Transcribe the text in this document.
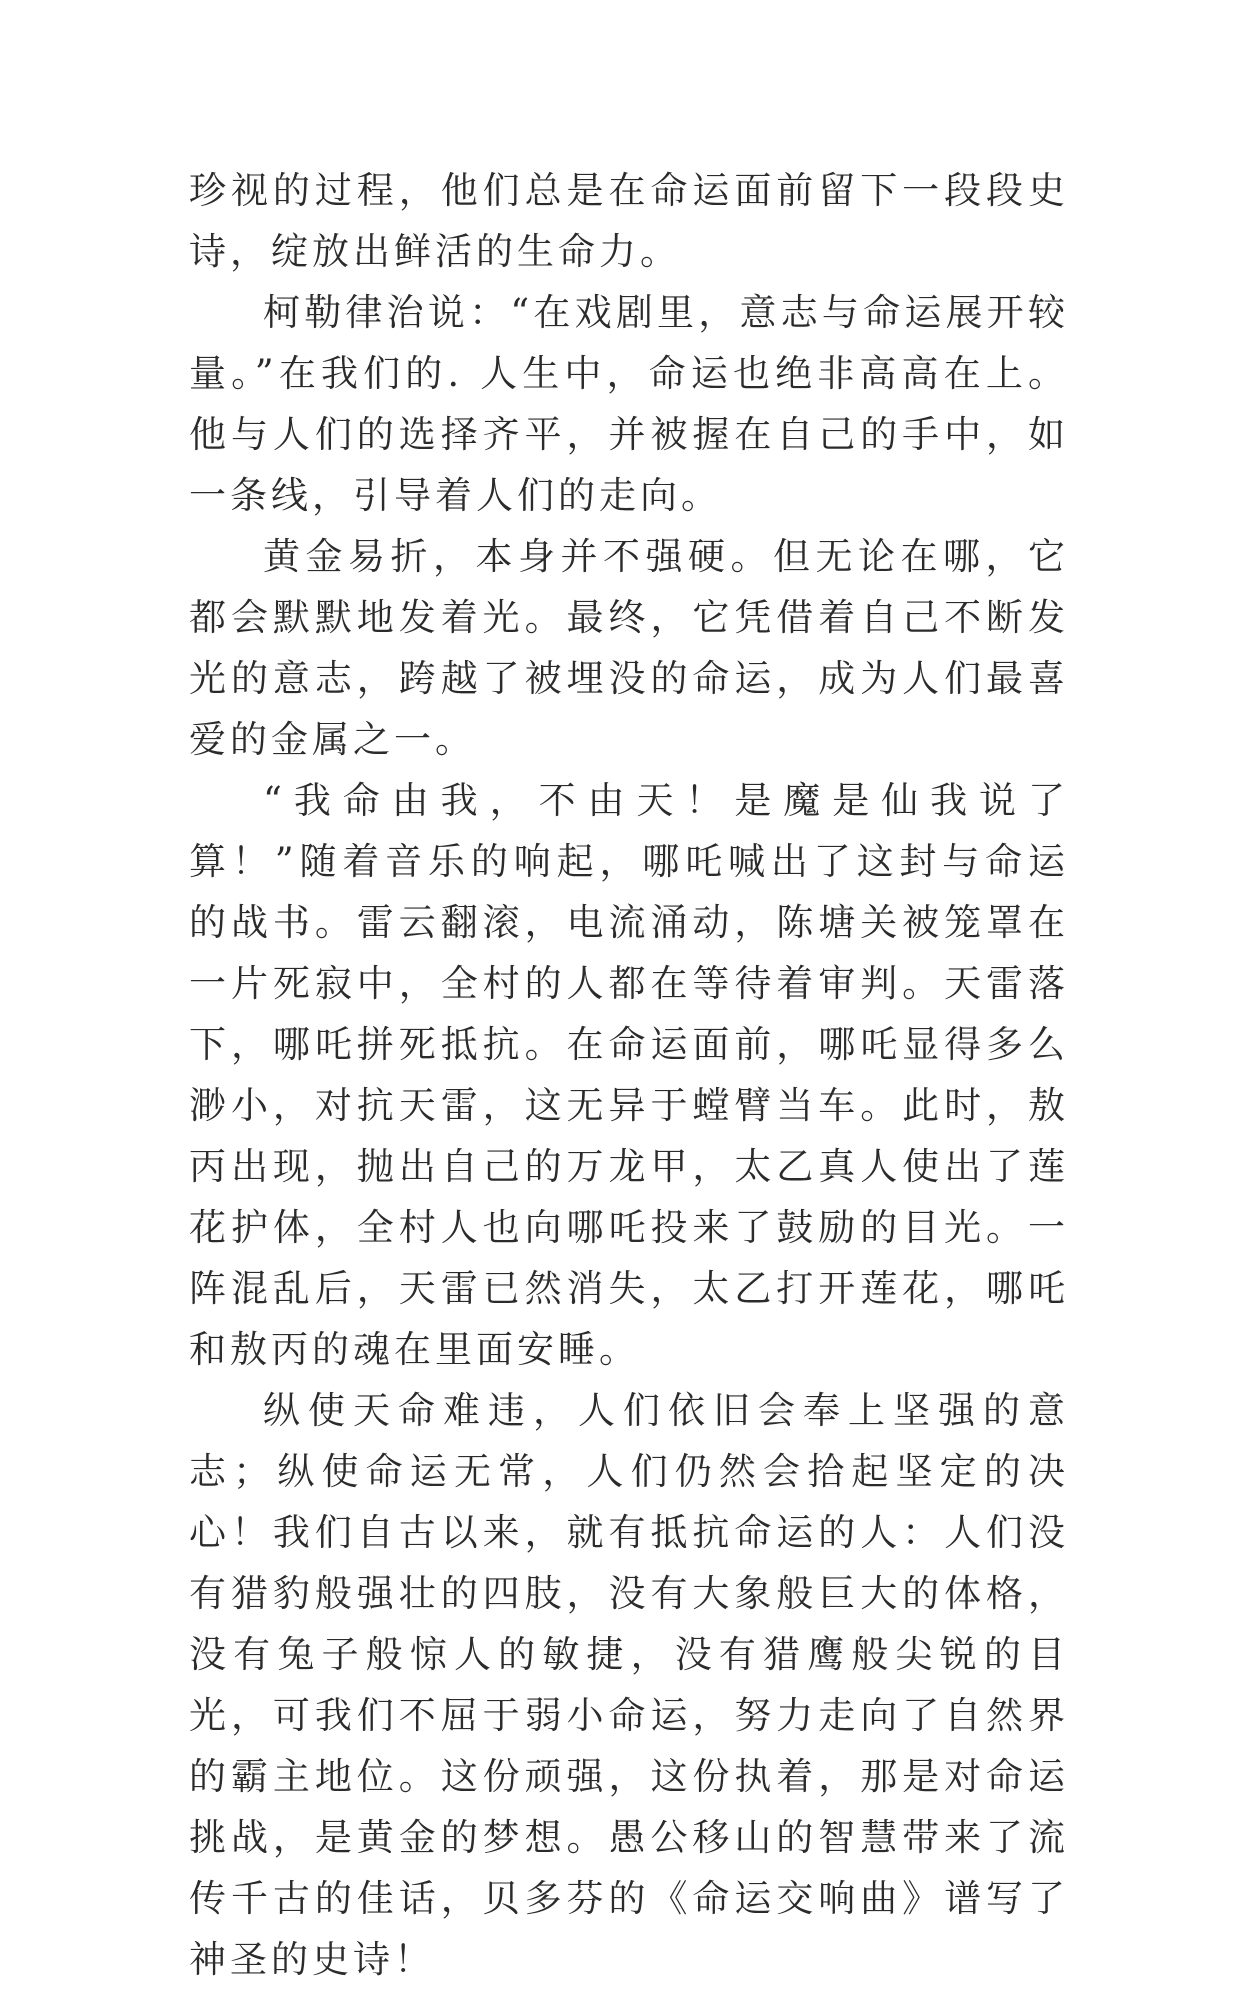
珍视的过程，他们总是在命运面前留下一段段史诗，绽放出鲜活的生命力。

柯勒律治说：“在戏剧里，意志与命运展开较量。”在我们的. 人生中，命运也绝非高高在上。他与人们的选择齐平，并被握在自己的手中，如一条线，引导着人们的走向。

黄金易折，本身并不强硬。但无论在哪，它都会默默地发着光。最终，它凭借着自己不断发光的意志，跨越了被埋没的命运，成为人们最喜爱的金属之一。

“我命由我，不由天！是魔是仙我说了算！”随着音乐的响起，哪吒喊出了这封与命运的战书。雷云翻滚，电流涌动，陈塘关被笼罩在一片死寂中，全村的人都在等待着审判。天雷落下，哪吒拼死抵抗。在命运面前，哪吒显得多么渺小，对抗天雷，这无异于螳臂当车。此时，敖丙出现，抛出自己的万龙甲，太乙真人使出了莲花护体，全村人也向哪吒投来了鼓励的目光。一阵混乱后，天雷已然消失，太乙打开莲花，哪吒和敖丙的魂在里面安睡。

纵使天命难违，人们依旧会奉上坚强的意志；纵使命运无常，人们仍然会拾起坚定的决心！我们自古以来，就有抵抗命运的人：人们没有猎豹般强壮的四肢，没有大象般巨大的体格，没有兔子般惊人的敏捷，没有猎鹰般尖锐的目光，可我们不屈于弱小命运，努力走向了自然界的霸主地位。这份顽强，这份执着，那是对命运挑战，是黄金的梦想。愚公移山的智慧带来了流传千古的佳话，贝多芬的《命运交响曲》谱写了神圣的史诗！
